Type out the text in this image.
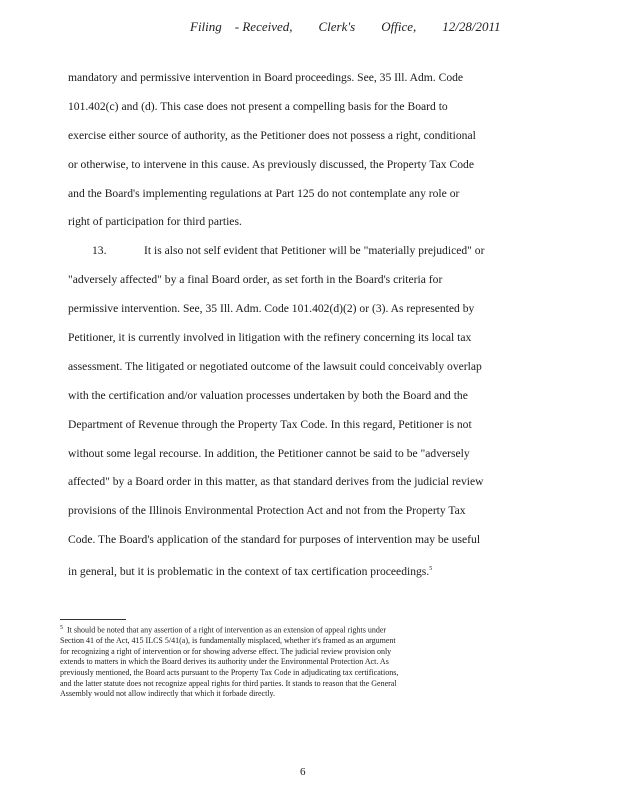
Filing    - Received,        Clerk's        Office,        12/28/2011
mandatory and permissive intervention in Board proceedings. See, 35 Ill. Adm. Code
101.402(c) and (d). This case does not present a compelling basis for the Board to
exercise either source of authority, as the Petitioner does not possess a right, conditional
or otherwise, to intervene in this cause. As previously discussed, the Property Tax Code
and the Board's implementing regulations at Part 125 do not contemplate any role or
right of participation for third parties.
13.	It is also not self evident that Petitioner will be "materially prejudiced" or
"adversely affected" by a final Board order, as set forth in the Board's criteria for
permissive intervention. See, 35 Ill. Adm. Code 101.402(d)(2) or (3). As represented by
Petitioner, it is currently involved in litigation with the refinery concerning its local tax
assessment. The litigated or negotiated outcome of the lawsuit could conceivably overlap
with the certification and/or valuation processes undertaken by both the Board and the
Department of Revenue through the Property Tax Code. In this regard, Petitioner is not
without some legal recourse. In addition, the Petitioner cannot be said to be "adversely
affected" by a Board order in this matter, as that standard derives from the judicial review
provisions of the Illinois Environmental Protection Act and not from the Property Tax
Code. The Board's application of the standard for purposes of intervention may be useful
in general, but it is problematic in the context of tax certification proceedings.$^5$
$^5$ It should be noted that any assertion of a right of intervention as an extension of appeal rights under
Section 41 of the Act, 415 ILCS 5/41(a), is fundamentally misplaced, whether it's framed as an argument
for recognizing a right of intervention or for showing adverse effect. The judicial review provision only
extends to matters in which the Board derives its authority under the Environmental Protection Act. As
previously mentioned, the Board acts pursuant to the Property Tax Code in adjudicating tax certifications,
and the latter statute does not recognize appeal rights for third parties. It stands to reason that the General
Assembly would not allow indirectly that which it forbade directly.
6
